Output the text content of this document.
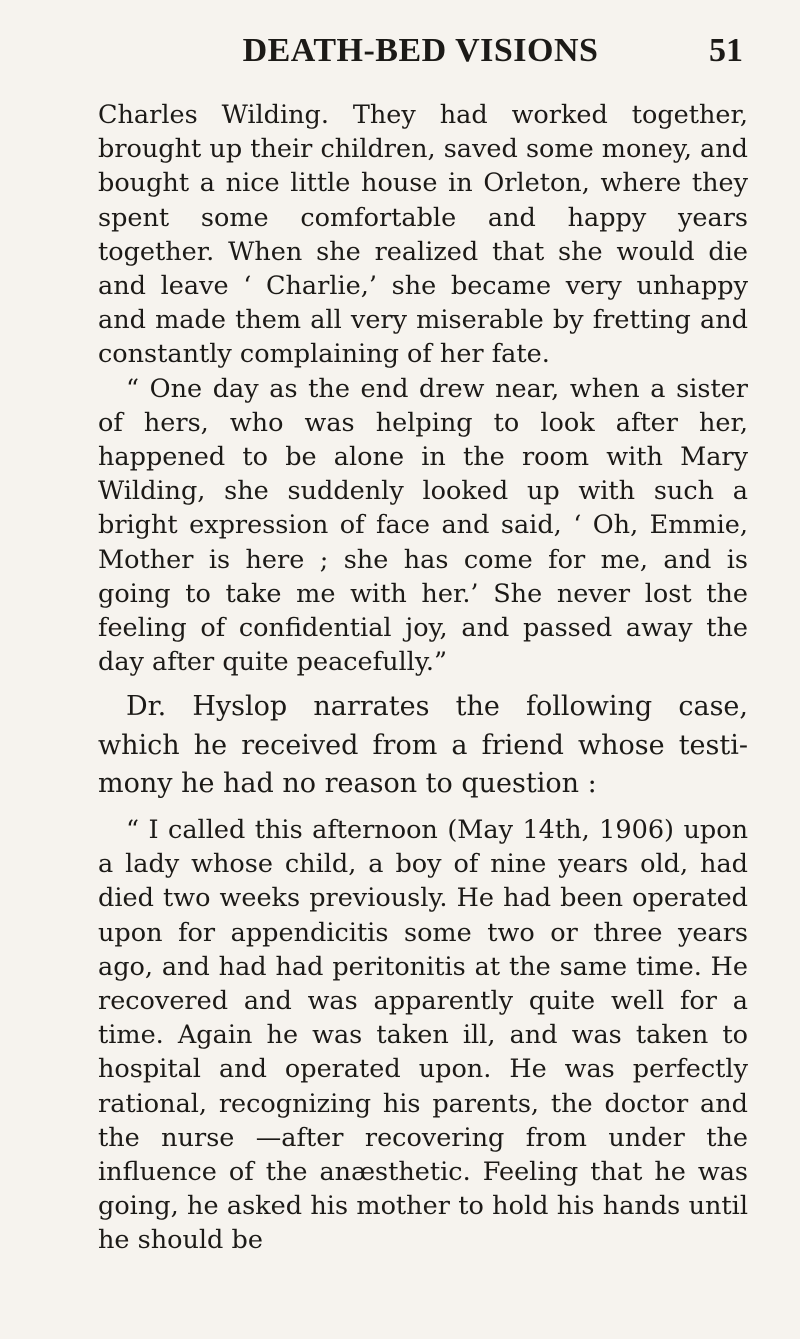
DEATH-BED VISIONS	51

Charles Wilding. They had worked together, brought up their children, saved some money, and bought a nice little house in Orleton, where they spent some comfortable and happy years together. When she realized that she would die and leave ‘ Charlie,’ she became very unhappy and made them all very miserable by fretting and constantly complaining of her fate.

“ One day as the end drew near, when a sister of hers, who was helping to look after her, happened to be alone in the room with Mary Wilding, she suddenly looked up with such a bright expression of face and said, ‘ Oh, Emmie, Mother is here ; she has come for me, and is going to take me with her.’ She never lost the feeling of confidential joy, and passed away the day after quite peacefully.”

Dr. Hyslop narrates the following case, which he received from a friend whose testi- mony he had no reason to question :

“ I called this afternoon (May 14th, 1906) upon a lady whose child, a boy of nine years old, had died two weeks previously. He had been operated upon for appendicitis some two or three years ago, and had had peritonitis at the same time. He recovered and was apparently quite well for a time. Again he was taken ill, and was taken to hospital and operated upon. He was perfectly rational, recognizing his parents, the doctor and the nurse —after recovering from under the influence of the anæsthetic. Feeling that he was going, he asked his mother to hold his hands until he should be
